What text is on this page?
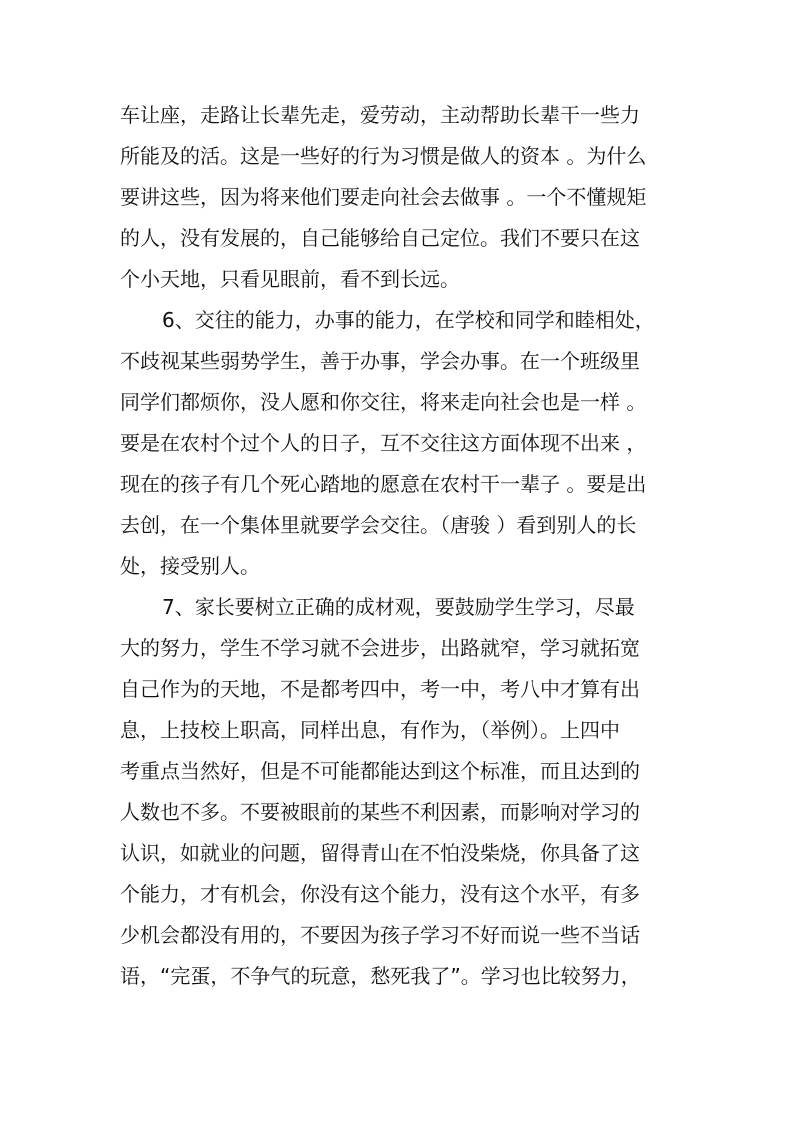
车让座，走路让长辈先走，爱劳动，主动帮助长辈干一些力
所能及的活。这是一些好的行为习惯是做人的资本 。为什么
要讲这些，因为将来他们要走向社会去做事 。一个不懂规矩
的人，没有发展的，自己能够给自己定位。我们不要只在这
个小天地，只看见眼前，看不到长远。
6、交往的能力，办事的能力，在学校和同学和睦相处，
不歧视某些弱势学生，善于办事，学会办事。在一个班级里
同学们都烦你，没人愿和你交往，将来走向社会也是一样 。
要是在农村个过个人的日子，互不交往这方面体现不出来 ，
现在的孩子有几个死心踏地的愿意在农村干一辈子 。要是出
去创，在一个集体里就要学会交往。（唐骏 ）看到别人的长
处，接受别人。
7、家长要树立正确的成材观，要鼓励学生学习，尽最
大的努力，学生不学习就不会进步，出路就窄，学习就拓宽
自己作为的天地，不是都考四中，考一中，考八中才算有出
息，上技校上职高，同样出息，有作为，（举例）。上四中
考重点当然好，但是不可能都能达到这个标准，而且达到的
人数也不多。不要被眼前的某些不利因素，而影响对学习的
认识，如就业的问题，留得青山在不怕没柴烧，你具备了这
个能力，才有机会，你没有这个能力，没有这个水平，有多
少机会都没有用的，不要因为孩子学习不好而说一些不当话
语，“完蛋，不争气的玩意，愁死我了”。学习也比较努力，
